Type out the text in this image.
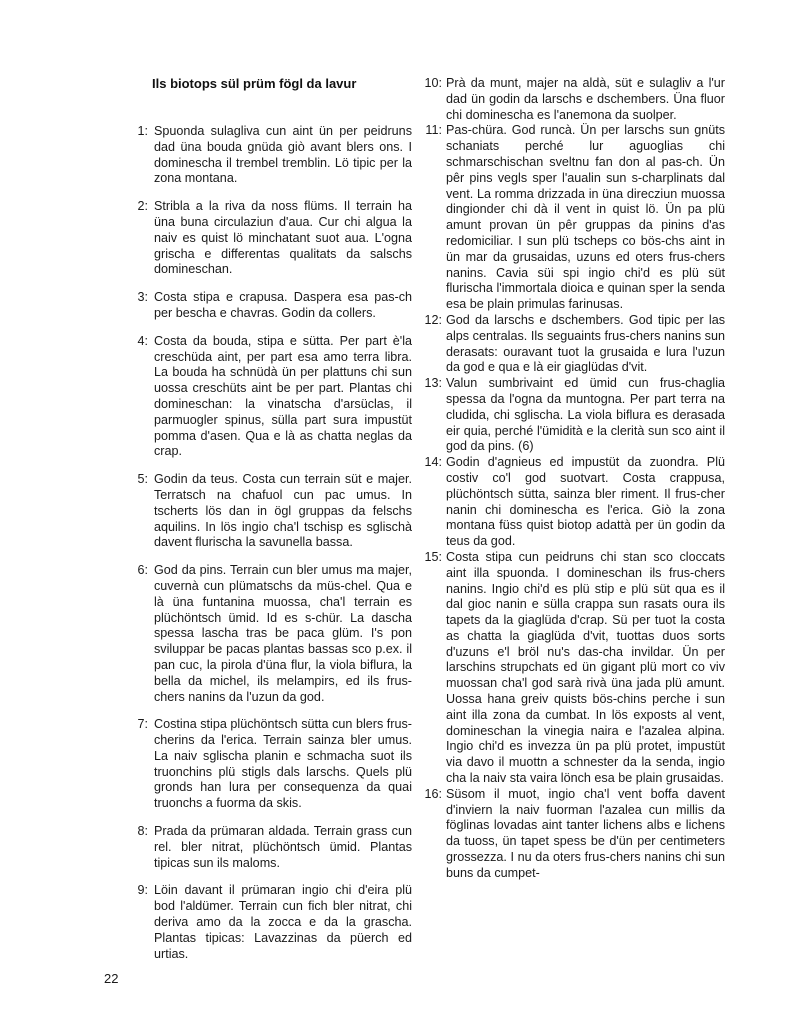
Ils biotops sül prüm fögl da lavur
1: Spuonda sulagliva cun aint ün per peidruns dad üna bouda gnüda giò avant blers ons. I domineschа il trembel tremblin. Lö tipic per la zona montana.
2: Stribla a la riva da noss flüms. Il terrain ha üna buna circulaziun d'aua. Cur chi algua la naiv es quist lö minchatant suot aua. L'ogna grischa e differentas qualitats da salschs domineschan.
3: Costa stipa e crapusa. Daspera esa pas-ch per bescha e chavras. Godin da collers.
4: Costa da bouda, stipa e sütta. Per part è'la creschüda aint, per part esa amo terra libra. La bouda ha schnüdà ün per plattuns chi sun uossa creschüts aint be per part. Plantas chi domineschan: la vinatscha d'arsüclas, il parmuogler spinus, sülla part sura impustüt pomma d'asen. Qua e là as chatta neglas da crap.
5: Godin da teus. Costa cun terrain süt e majer. Terratsch na chafuol cun pac umus. In tscherts lös dan in ögl gruppas da felschs aquilins. In lös ingio cha'l tschisp es sglischà davent flurischa la savunella bassa.
6: God da pins. Terrain cun bler umus ma majer, cuvernà cun plümatschs da müs-chel. Qua e là üna funtanina muossa, cha'l terrain es plüchöntsch ümid. Id es s-chür. La dascha spessa lascha tras be paca glüm. I's pon sviluppar be pacas plantas bassas sco p.ex. il pan cuc, la pirola d'üna flur, la viola biflura, la bella da michel, ils melampirs, ed ils frus-chers nanins da l'uzun da god.
7: Costina stipa plüchöntsch sütta cun blers frus-cherins da l'erica. Terrain sainza bler umus. La naiv sglischa planin e schmacha suot ils truonchins plü stigls dals larschs. Quels plü gronds han lura per consequenza da quai truonchs a fuorma da skis.
8: Prada da prümaran aldada. Terrain grass cun rel. bler nitrat, plüchöntsch ümid. Plantas tipicas sun ils maloms.
9: Löin davant il prümaran ingio chi d'eira plü bod l'aldümer. Terrain cun fich bler nitrat, chi deriva amo da la zocca e da la grascha. Plantas tipicas: Lavazzinas da püerch ed urtias.
10: Prà da munt, majer na aldà, süt e sulagliv a l'ur dad ün godin da larschs e dschembers. Üna fluor chi domineschа es l'anemona da suolper.
11: Pas-chüra. God runcà. Ün per larschs sun gnüts schaniats perché lur aguoglias chi schmarschischan sveltnu fan don al pas-ch. Ün pêr pins vegls sper l'aualin sun s-charplinats dal vent. La romma drizzada in üna direcziun muossa dingionder chi dà il vent in quist lö. Ün pa plü amunt provan ün pêr gruppas da pinins d'as redomiciliar. I sun plü tscheps co bös-chs aint in ün mar da grusaidas, uzuns ed oters frus-chers nanins. Cavia süi spi ingio chi'd es plü süt flurischa l'immortala dioica e quinan sper la senda esa be plain primulas farinusas.
12: God da larschs e dschembers. God tipic per las alps centralas. Ils seguaints frus-chers nanins sun derasats: ouravant tuot la grusaida e lura l'uzun da god e qua e là eir giaglüdas d'vit.
13: Valun sumbrivaint ed ümid cun frus-chaglia spessa da l'ogna da muntogna. Per part terra na cludida, chi sglischa. La viola biflura es derasada eir quia, perché l'ümidità e la clerità sun sco aint il god da pins. (6)
14: Godin d'agnieus ed impustüt da zuondra. Plü costiv co'l god suotvart. Costa crappusa, plüchöntsch sütta, sainza bler riment. Il frus-cher nanin chi domineschа es l'erica. Giò la zona montana füss quist biotop adattà per ün godin da teus da god.
15: Costa stipa cun peidruns chi stan sco cloccats aint illa spuonda. I domineschan ils frus-chers nanins. Ingio chi'd es plü stip e plü süt qua es il dal gioc nanin e sülla crappa sun rasats oura ils tapets da la giaglüda d'crap. Sü per tuot la costa as chatta la giaglüda d'vit, tuottas duos sorts d'uzuns e'l bröl nu's das-cha invildar. Ün per larschins strupchats ed ün gigant plü mort co viv muossan cha'l god sarà rivà üna jada plü amunt. Uossa hana greiv quists bös-chins perche i sun aint illa zona da cumbat. In lös exposts al vent, domineschan la vinegia naira e l'azalea alpina. Ingio chi'd es invezza ün pa plü protet, impustüt via davo il muottn a schnester da la senda, ingio cha la naiv sta vaira lönch esa be plain grusaidas.
16: Süsom il muot, ingio cha'l vent boffa davent d'inviern la naiv fuorman l'azalea cun millis da föglinas lovadas aint tanter lichens albs e lichens da tuoss, ün tapet spess be d'ün per centimeters grossezza. I nu da oters frus-chers nanins chi sun buns da cumpet-
22
